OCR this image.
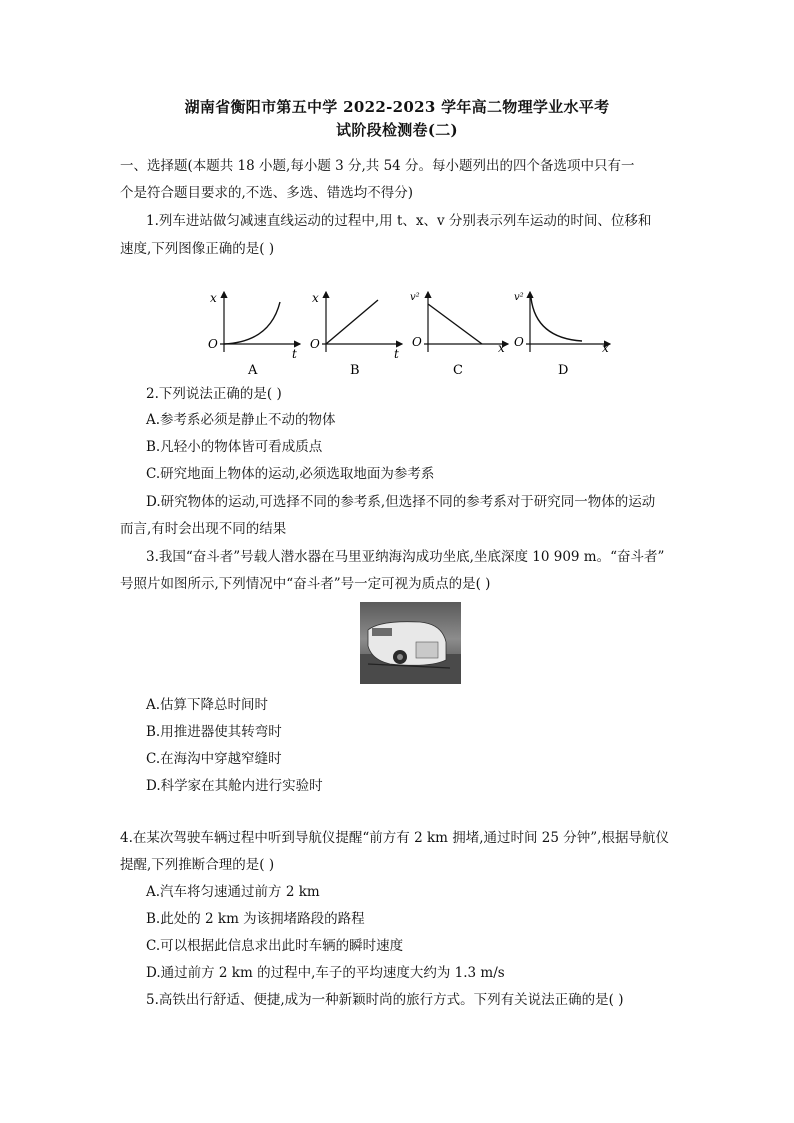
湖南省衡阳市第五中学 2022-2023 学年高二物理学业水平考
试阶段检测卷(二)
一、选择题(本题共 18 小题,每小题 3 分,共 54 分。每小题列出的四个备选项中只有一
个是符合题目要求的,不选、多选、错选均不得分)
1.列车进站做匀减速直线运动的过程中,用 t、x、v 分别表示列车运动的时间、位移和
速度,下列图像正确的是( )
x
t
O
A
x
t
O
B
v²
x
O
C
v²
x
O
D
2.下列说法正确的是( )
A.参考系必须是静止不动的物体
B.凡轻小的物体皆可看成质点
C.研究地面上物体的运动,必须选取地面为参考系
D.研究物体的运动,可选择不同的参考系,但选择不同的参考系对于研究同一物体的运动
而言,有时会出现不同的结果
3.我国“奋斗者”号载人潜水器在马里亚纳海沟成功坐底,坐底深度 10 909 m。“奋斗者”
号照片如图所示,下列情况中“奋斗者”号一定可视为质点的是( )
A.估算下降总时间时
B.用推进器使其转弯时
C.在海沟中穿越窄缝时
D.科学家在其舱内进行实验时
4.在某次驾驶车辆过程中听到导航仪提醒“前方有 2 km 拥堵,通过时间 25 分钟”,根据导航仪
提醒,下列推断合理的是( )
A.汽车将匀速通过前方 2 km
B.此处的 2 km 为该拥堵路段的路程
C.可以根据此信息求出此时车辆的瞬时速度
D.通过前方 2 km 的过程中,车子的平均速度大约为 1.3 m/s
5.高铁出行舒适、便捷,成为一种新颖时尚的旅行方式。下列有关说法正确的是( )
